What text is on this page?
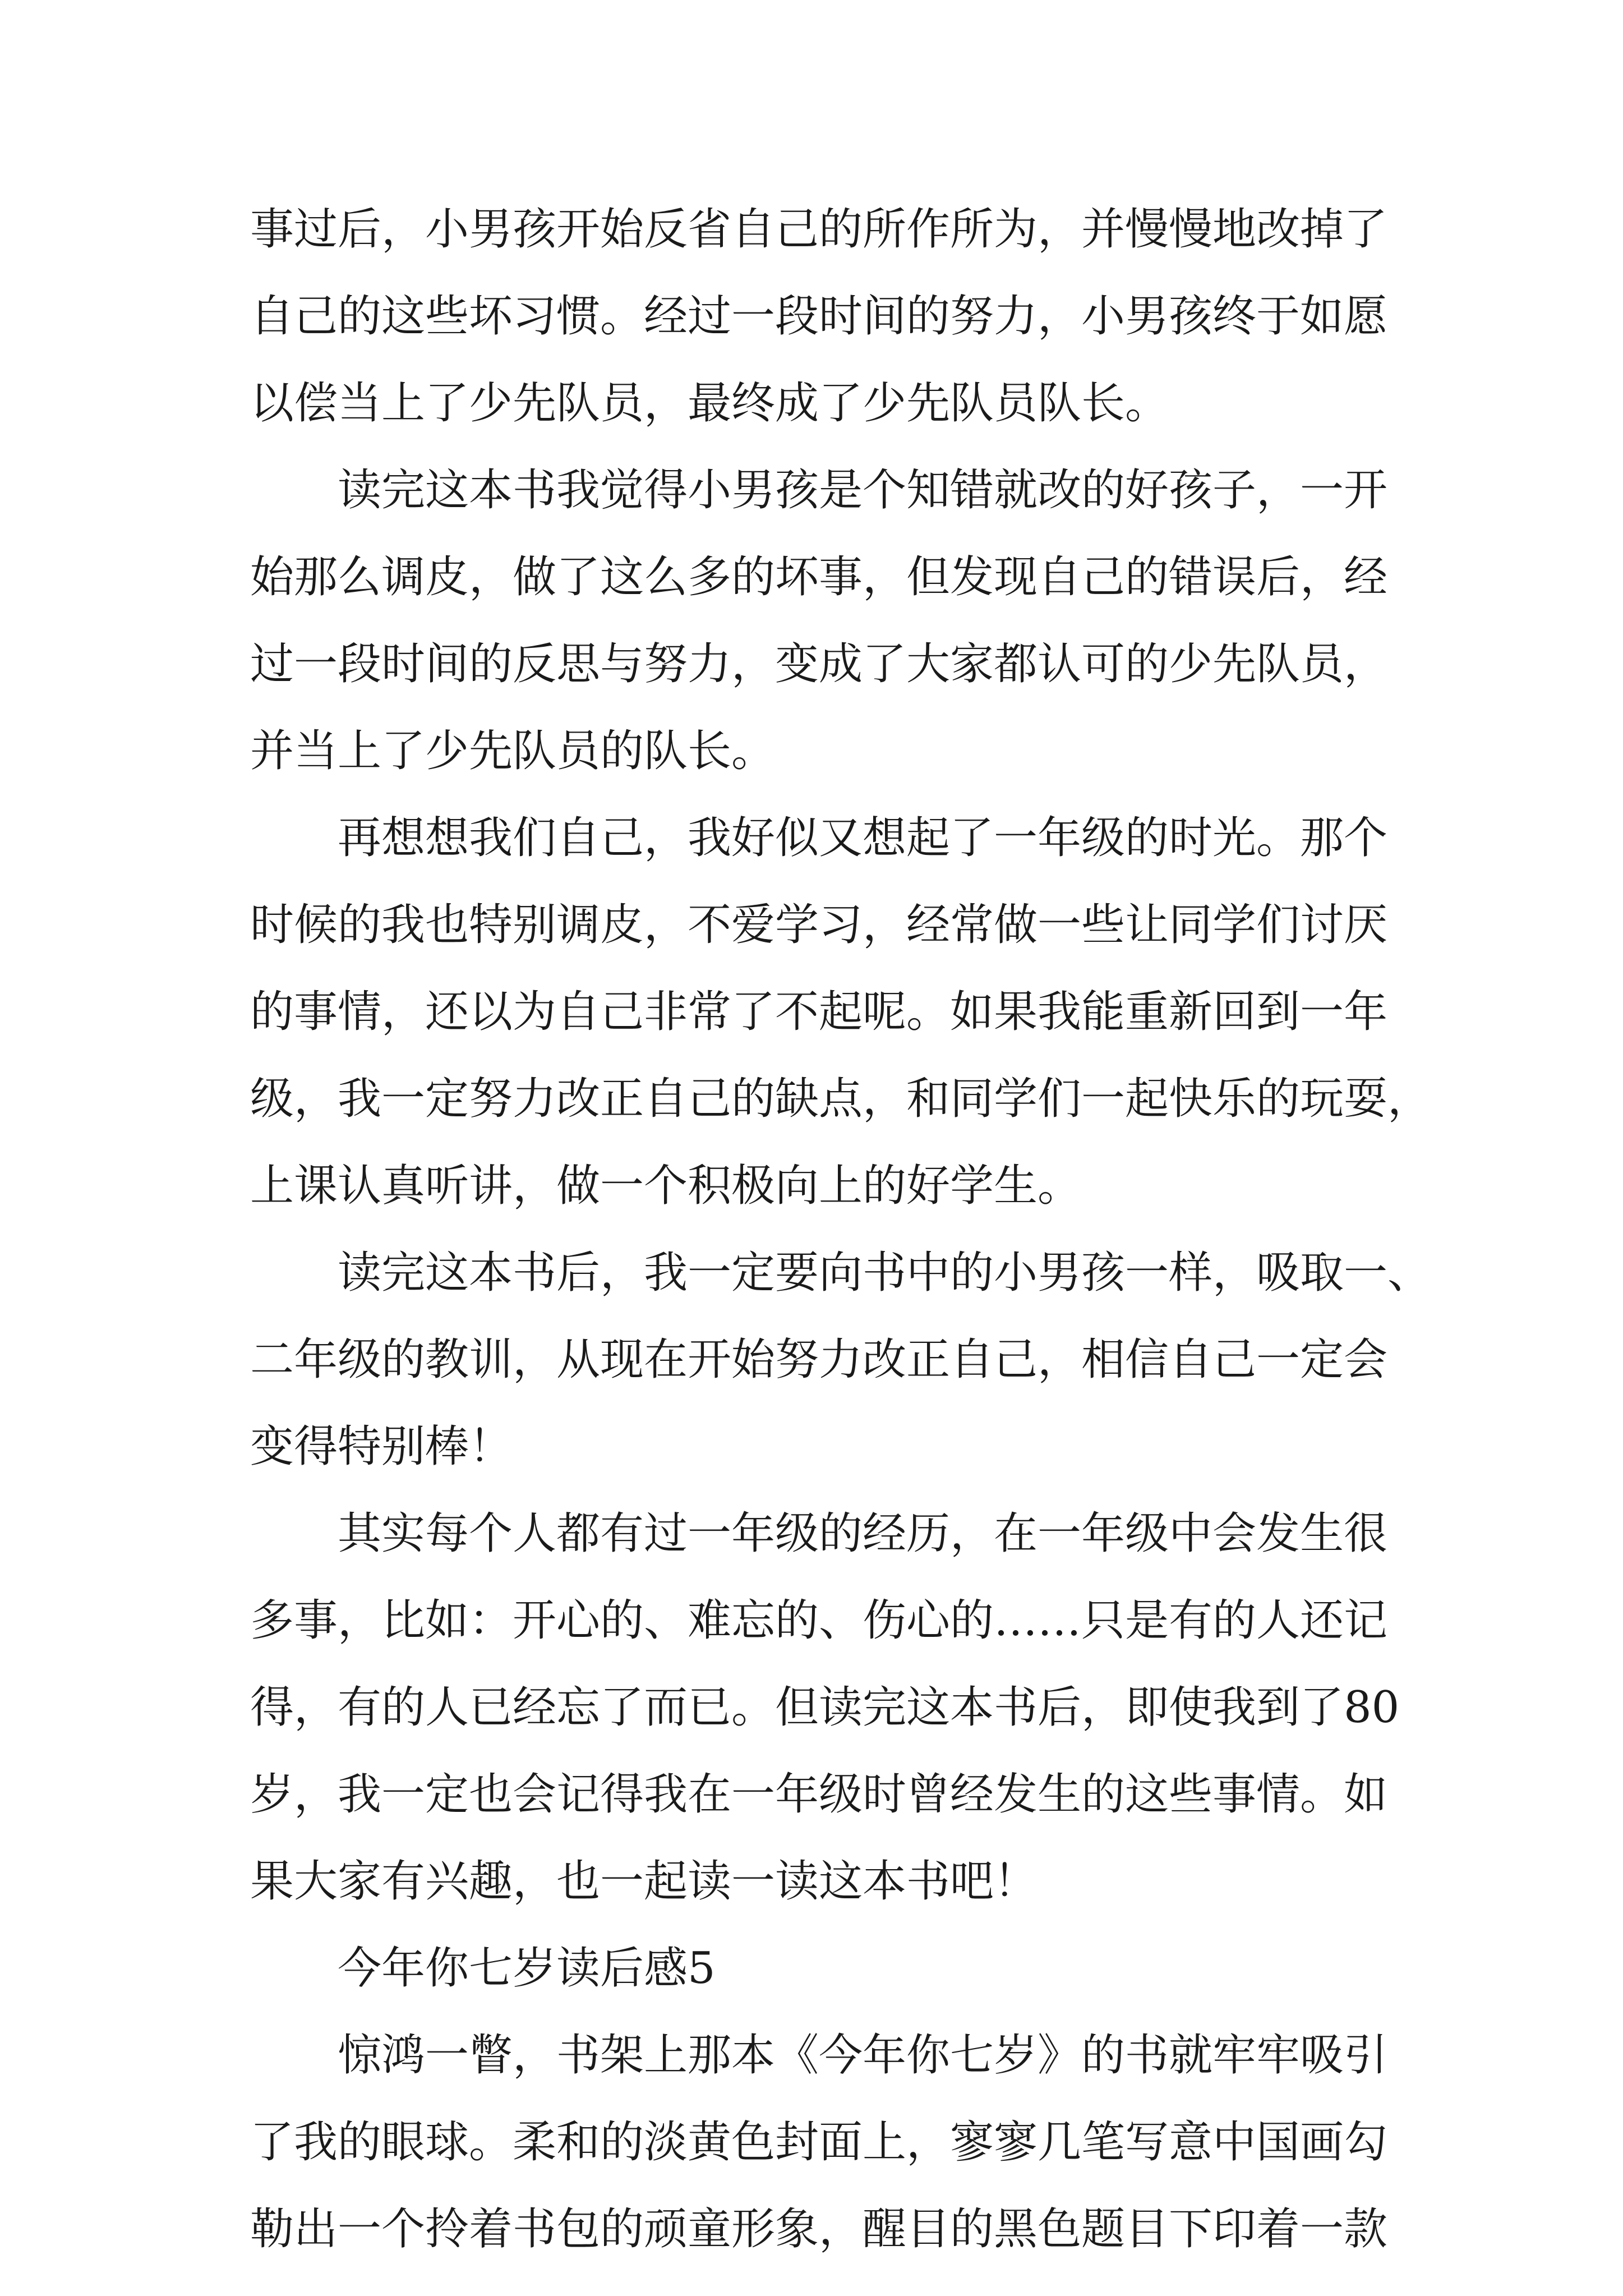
事过后，小男孩开始反省自己的所作所为，并慢慢地改掉了
自己的这些坏习惯。经过一段时间的努力，小男孩终于如愿
以偿当上了少先队员，最终成了少先队员队长。
读完这本书我觉得小男孩是个知错就改的好孩子，一开
始那么调皮，做了这么多的坏事，但发现自己的错误后，经
过一段时间的反思与努力，变成了大家都认可的少先队员，
并当上了少先队员的队长。
再想想我们自己，我好似又想起了一年级的时光。那个
时候的我也特别调皮，不爱学习，经常做一些让同学们讨厌
的事情，还以为自己非常了不起呢。如果我能重新回到一年
级，我一定努力改正自己的缺点，和同学们一起快乐的玩耍，
上课认真听讲，做一个积极向上的好学生。
读完这本书后，我一定要向书中的小男孩一样，吸取一、
二年级的教训，从现在开始努力改正自己，相信自己一定会
变得特别棒！
其实每个人都有过一年级的经历，在一年级中会发生很
多事，比如：开心的、难忘的、伤心的……只是有的人还记
得，有的人已经忘了而已。但读完这本书后，即使我到了80
岁，我一定也会记得我在一年级时曾经发生的这些事情。如
果大家有兴趣，也一起读一读这本书吧！
今年你七岁读后感5
惊鸿一瞥，书架上那本《今年你七岁》的书就牢牢吸引
了我的眼球。柔和的淡黄色封面上，寥寥几笔写意中国画勾
勒出一个拎着书包的顽童形象，醒目的黑色题目下印着一款
